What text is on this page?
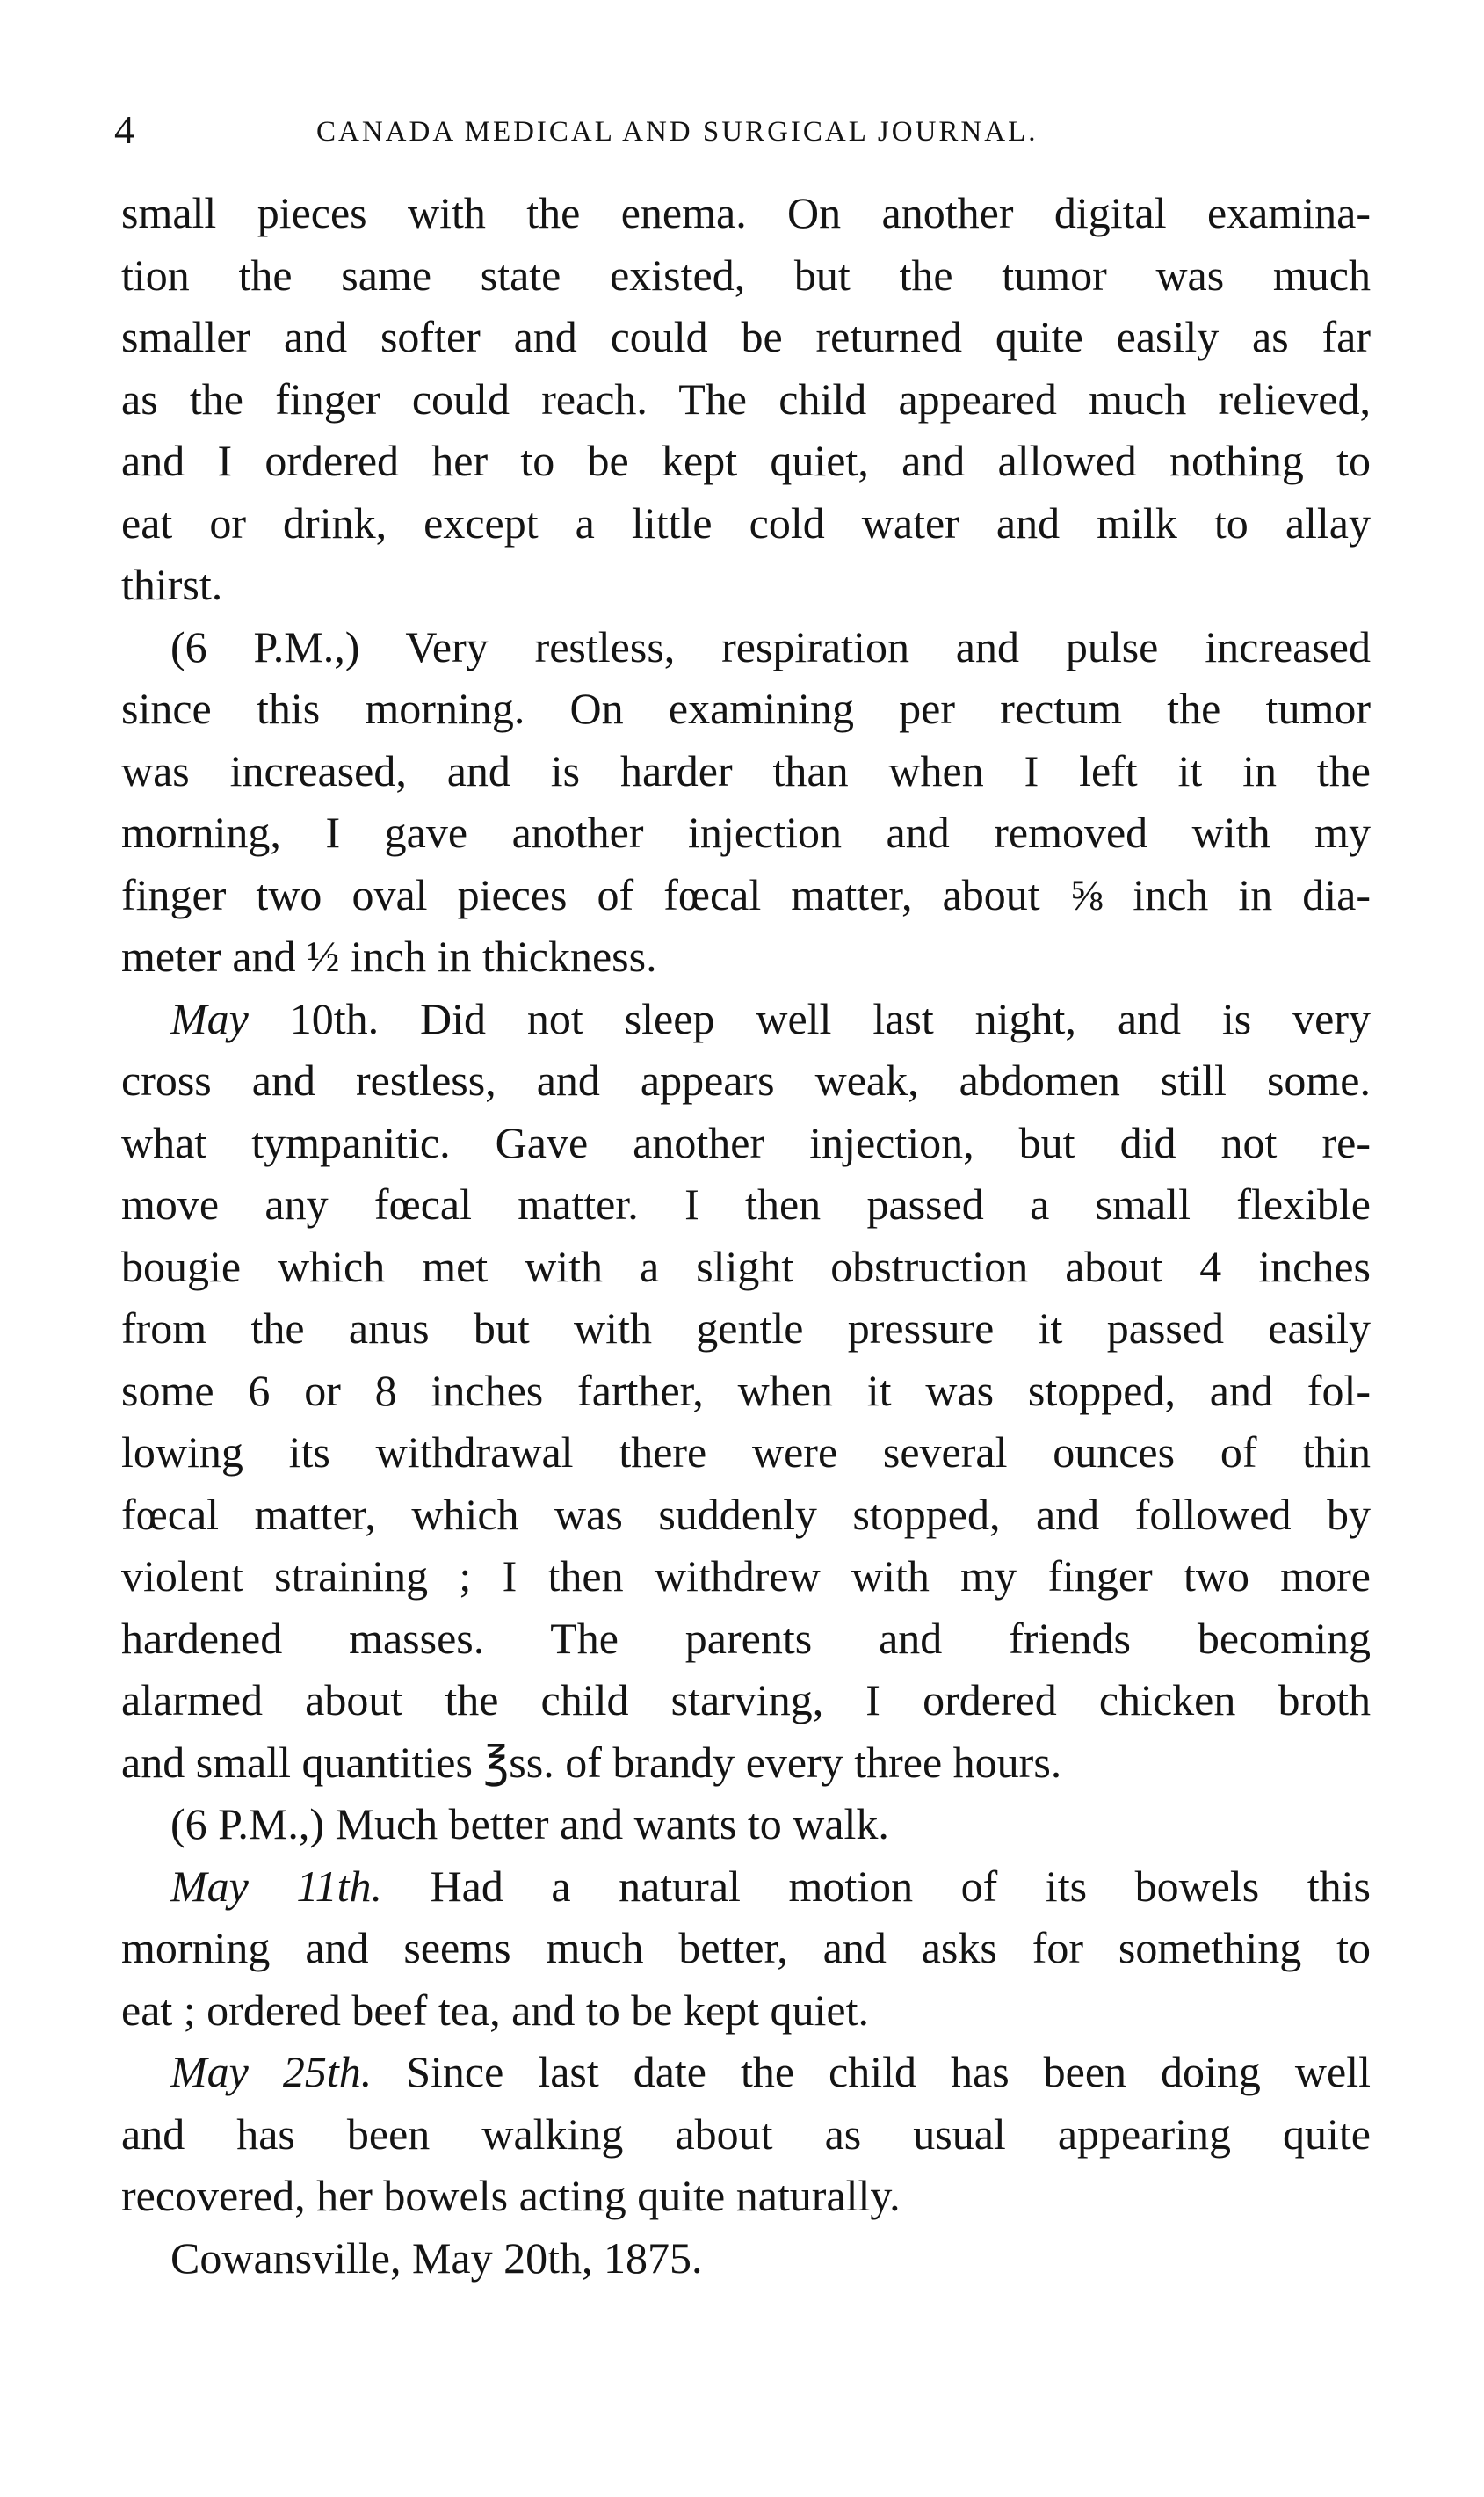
4	CANADA MEDICAL AND SURGICAL JOURNAL.
small pieces with the enema. On another digital examina-
tion the same state existed, but the tumor was much
smaller and softer and could be returned quite easily as far
as the finger could reach. The child appeared much relieved,
and I ordered her to be kept quiet, and allowed nothing to
eat or drink, except a little cold water and milk to allay
thirst.
(6 P.M.,) Very restless, respiration and pulse increased
since this morning. On examining per rectum the tumor
was increased, and is harder than when I left it in the
morning, I gave another injection and removed with my
finger two oval pieces of fœcal matter, about ⅝ inch in dia-
meter and ½ inch in thickness.
May 10th. Did not sleep well last night, and is very
cross and restless, and appears weak, abdomen still some.
what tympanitic. Gave another injection, but did not re-
move any fœcal matter. I then passed a small flexible
bougie which met with a slight obstruction about 4 inches
from the anus but with gentle pressure it passed easily
some 6 or 8 inches farther, when it was stopped, and fol-
lowing its withdrawal there were several ounces of thin
fœcal matter, which was suddenly stopped, and followed by
violent straining ; I then withdrew with my finger two more
hardened masses. The parents and friends becoming
alarmed about the child starving, I ordered chicken broth
and small quantities ℥ss. of brandy every three hours.
(6 P.M.,) Much better and wants to walk.
May 11th. Had a natural motion of its bowels this
morning and seems much better, and asks for something to
eat ; ordered beef tea, and to be kept quiet.
May 25th. Since last date the child has been doing well
and has been walking about as usual appearing quite
recovered, her bowels acting quite naturally.
Cowansville, May 20th, 1875.
